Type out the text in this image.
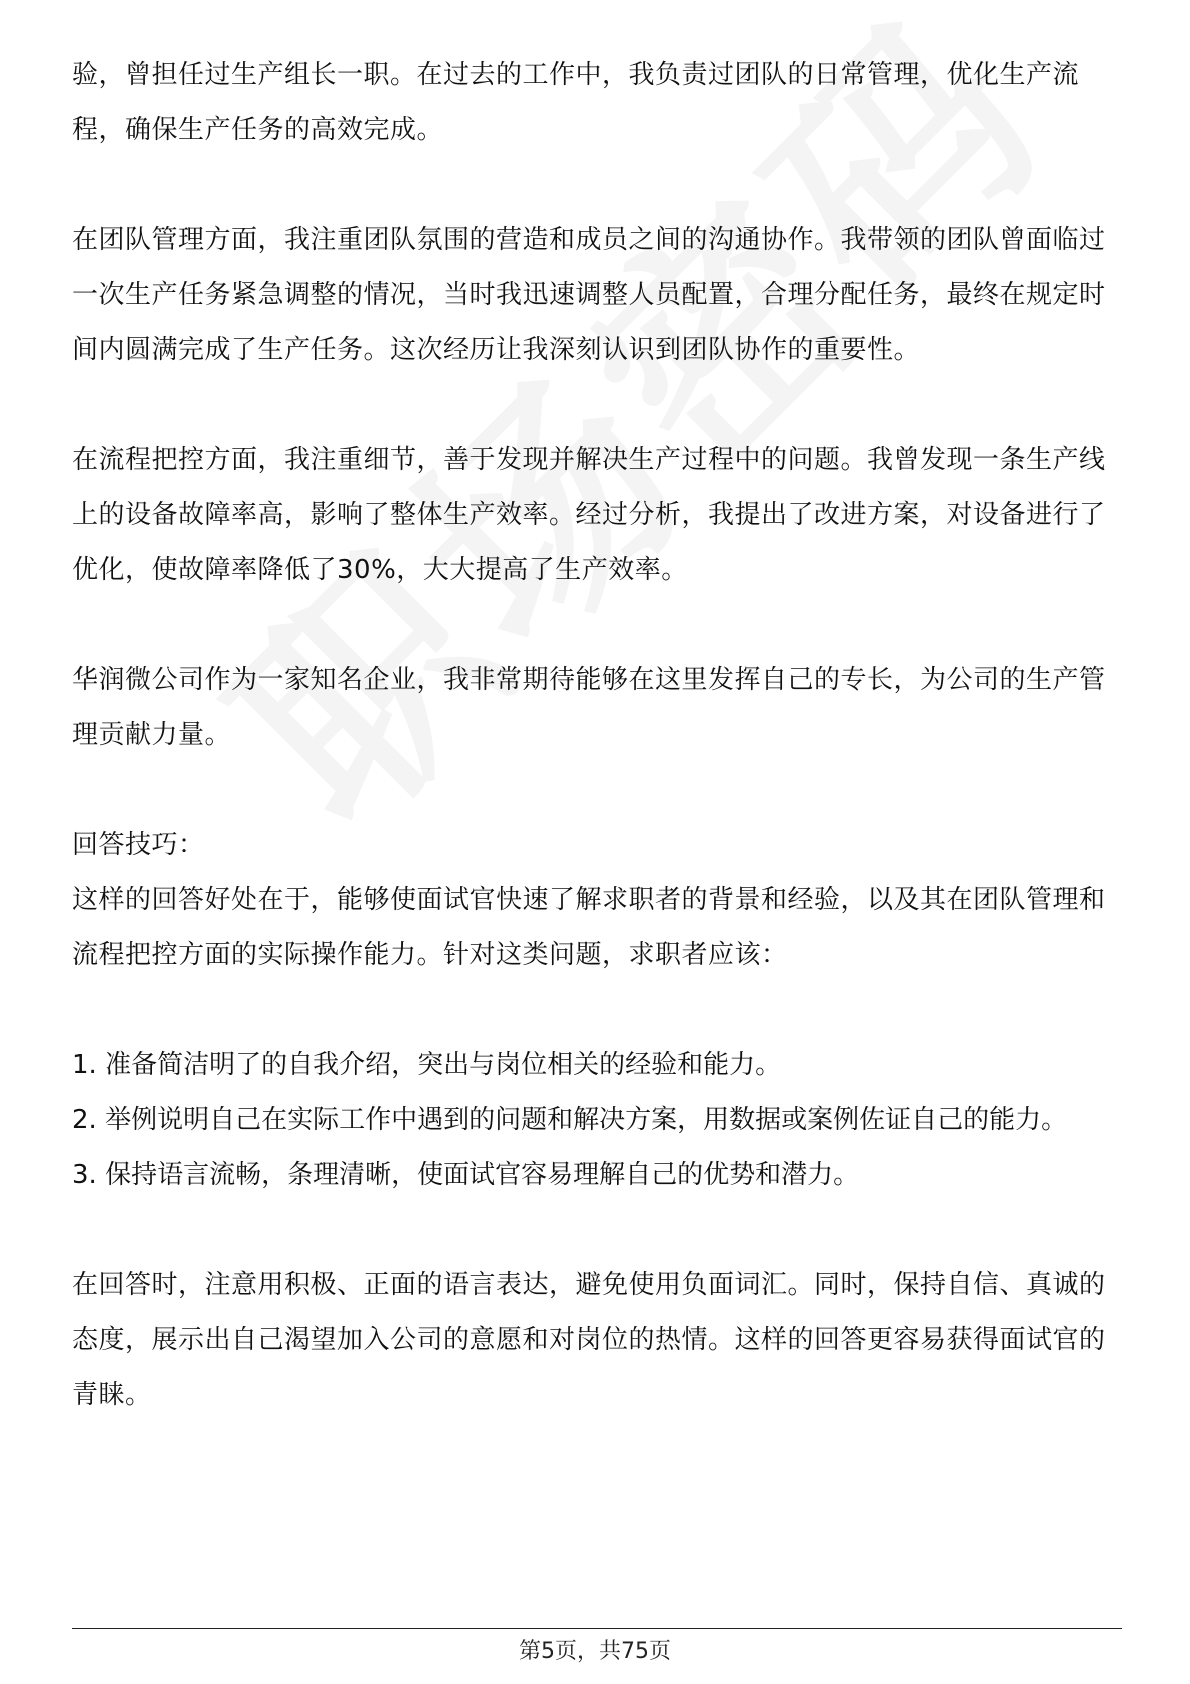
验，曾担任过生产组长一职。在过去的工作中，我负责过团队的日常管理，优化生产流程，确保生产任务的高效完成。

在团队管理方面，我注重团队氛围的营造和成员之间的沟通协作。我带领的团队曾面临过一次生产任务紧急调整的情况，当时我迅速调整人员配置，合理分配任务，最终在规定时间内圆满完成了生产任务。这次经历让我深刻认识到团队协作的重要性。

在流程把控方面，我注重细节，善于发现并解决生产过程中的问题。我曾发现一条生产线上的设备故障率高，影响了整体生产效率。经过分析，我提出了改进方案，对设备进行了优化，使故障率降低了30%，大大提高了生产效率。

华润微公司作为一家知名企业，我非常期待能够在这里发挥自己的专长，为公司的生产管理贡献力量。

回答技巧：

这样的回答好处在于，能够使面试官快速了解求职者的背景和经验，以及其在团队管理和流程把控方面的实际操作能力。针对这类问题，求职者应该：

1. 准备简洁明了的自我介绍，突出与岗位相关的经验和能力。

2. 举例说明自己在实际工作中遇到的问题和解决方案，用数据或案例佐证自己的能力。

3. 保持语言流畅，条理清晰，使面试官容易理解自己的优势和潜力。

在回答时，注意用积极、正面的语言表达，避免使用负面词汇。同时，保持自信、真诚的态度，展示出自己渴望加入公司的意愿和对岗位的热情。这样的回答更容易获得面试官的青睐。

第5页，共75页
